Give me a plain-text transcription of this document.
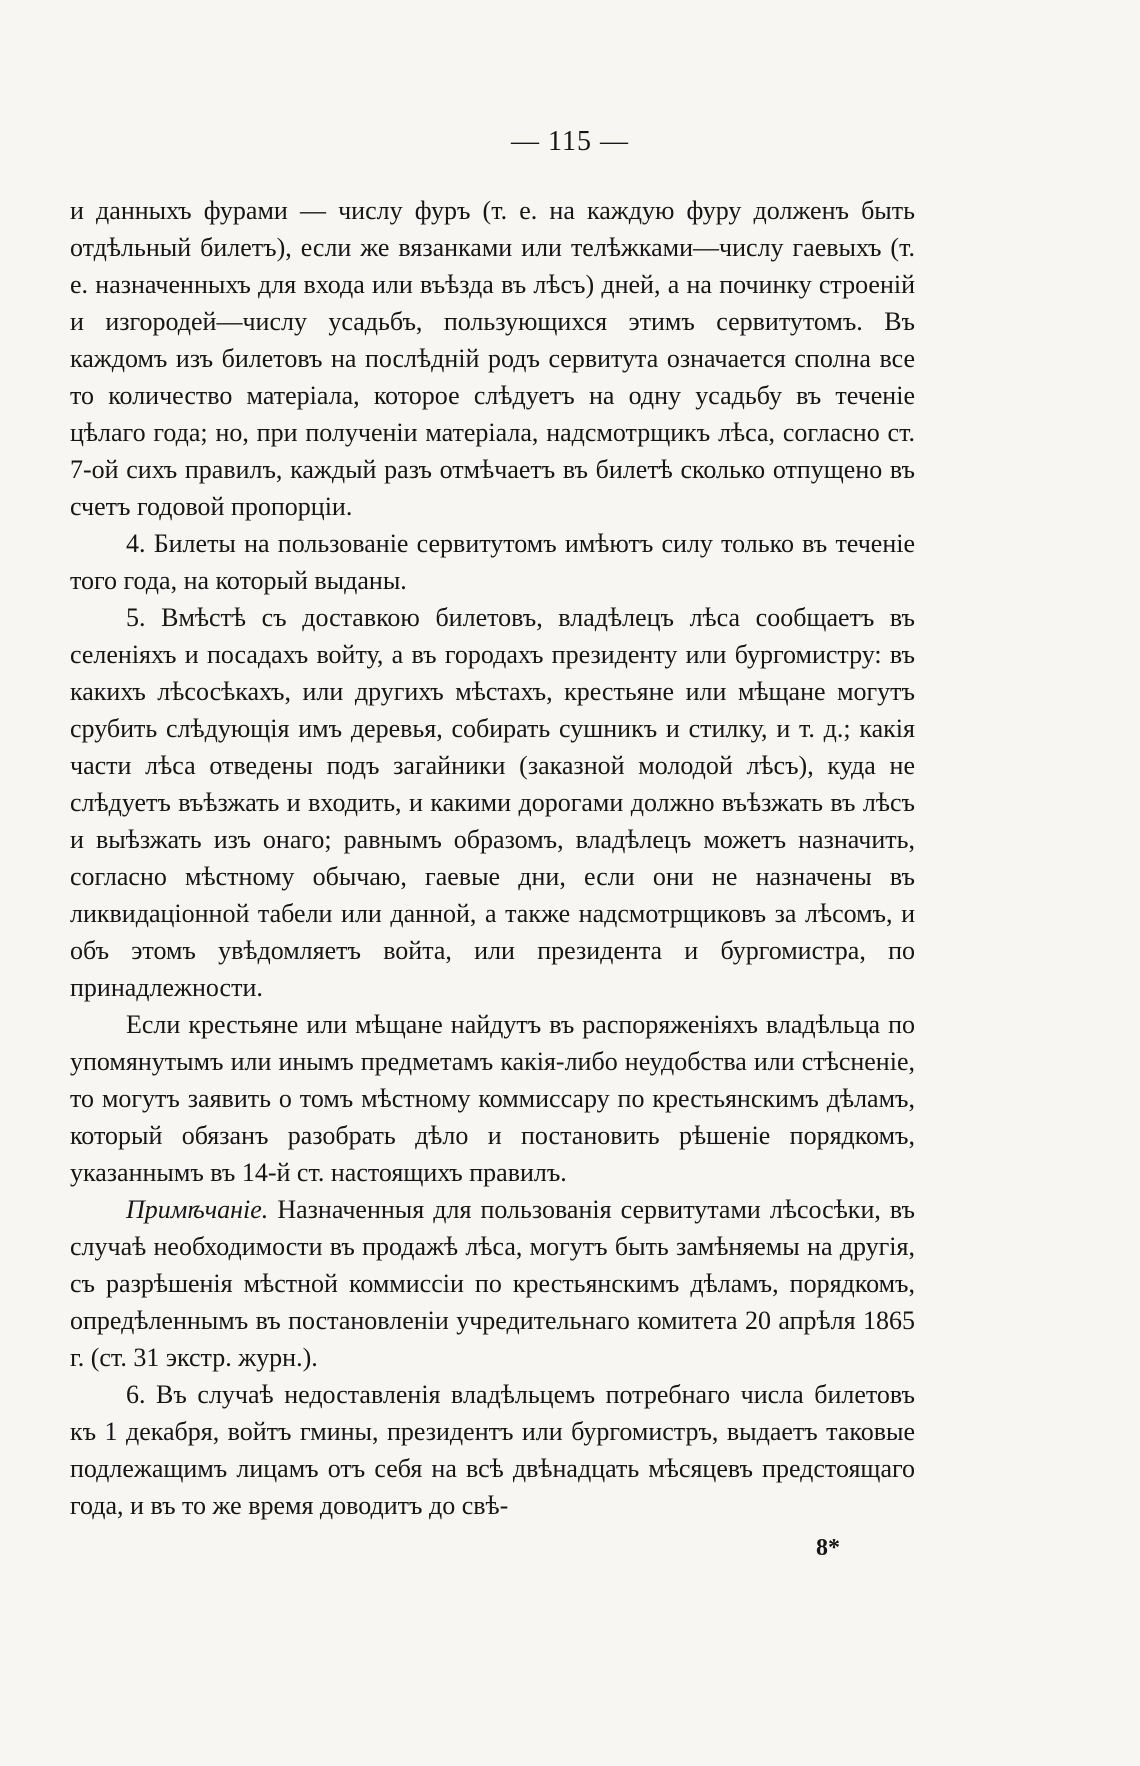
— 115 —

и данныхъ фурами — числу фуръ (т. е. на каждую фуру долженъ быть отдѣльный билетъ), если же вязанками или телѣжками—числу гаевыхъ (т. е. назначенныхъ для входа или въѣзда въ лѣсъ) дней, а на починку строеній и изгородей—числу усадьбъ, пользующихся этимъ сервитутомъ. Въ каждомъ изъ билетовъ на послѣдній родъ сервитута означается сполна все то количество матеріала, которое слѣдуетъ на одну усадьбу въ теченіе цѣлаго года; но, при полученіи матеріала, надсмотрщикъ лѣса, согласно ст. 7-ой сихъ правилъ, каждый разъ отмѣчаетъ въ билетѣ сколько отпущено въ счетъ годовой пропорціи.

4. Билеты на пользованіе сервитутомъ имѣютъ силу только въ теченіе того года, на который выданы.

5. Вмѣстѣ съ доставкою билетовъ, владѣлецъ лѣса сообщаетъ въ селеніяхъ и посадахъ войту, а въ городахъ президенту или бургомистру: въ какихъ лѣсосѣкахъ, или другихъ мѣстахъ, крестьяне или мѣщане могутъ срубить слѣдующія имъ деревья, собирать сушникъ и стилку, и т. д.; какія части лѣса отведены подъ загайники (заказной молодой лѣсъ), куда не слѣдуетъ въѣзжать и входить, и какими дорогами должно въѣзжать въ лѣсъ и выѣзжать изъ онаго; равнымъ образомъ, владѣлецъ можетъ назначить, согласно мѣстному обычаю, гаевые дни, если они не назначены въ ликвидаціонной табели или данной, а также надсмотрщиковъ за лѣсомъ, и объ этомъ увѣдомляетъ войта, или президента и бургомистра, по принадлежности.

Если крестьяне или мѣщане найдутъ въ распоряженіяхъ владѣльца по упомянутымъ или инымъ предметамъ какія-либо неудобства или стѣсненіе, то могутъ заявить о томъ мѣстному коммиссару по крестьянскимъ дѣламъ, который обязанъ разобрать дѣло и постановить рѣшеніе порядкомъ, указаннымъ въ 14-й ст. настоящихъ правилъ.

Примѣчаніе. Назначенныя для пользованія сервитутами лѣсосѣки, въ случаѣ необходимости въ продажѣ лѣса, могутъ быть замѣняемы на другія, съ разрѣшенія мѣстной коммиссіи по крестьянскимъ дѣламъ, порядкомъ, опредѣленнымъ въ постановленіи учредительнаго комитета 20 апрѣля 1865 г. (ст. 31 экстр. журн.).

6. Въ случаѣ недоставленія владѣльцемъ потребнаго числа билетовъ къ 1 декабря, войтъ гмины, президентъ или бургомистръ, выдаетъ таковые подлежащимъ лицамъ отъ себя на всѣ двѣнадцать мѣсяцевъ предстоящаго года, и въ то же время доводитъ до свѣ-

8*
